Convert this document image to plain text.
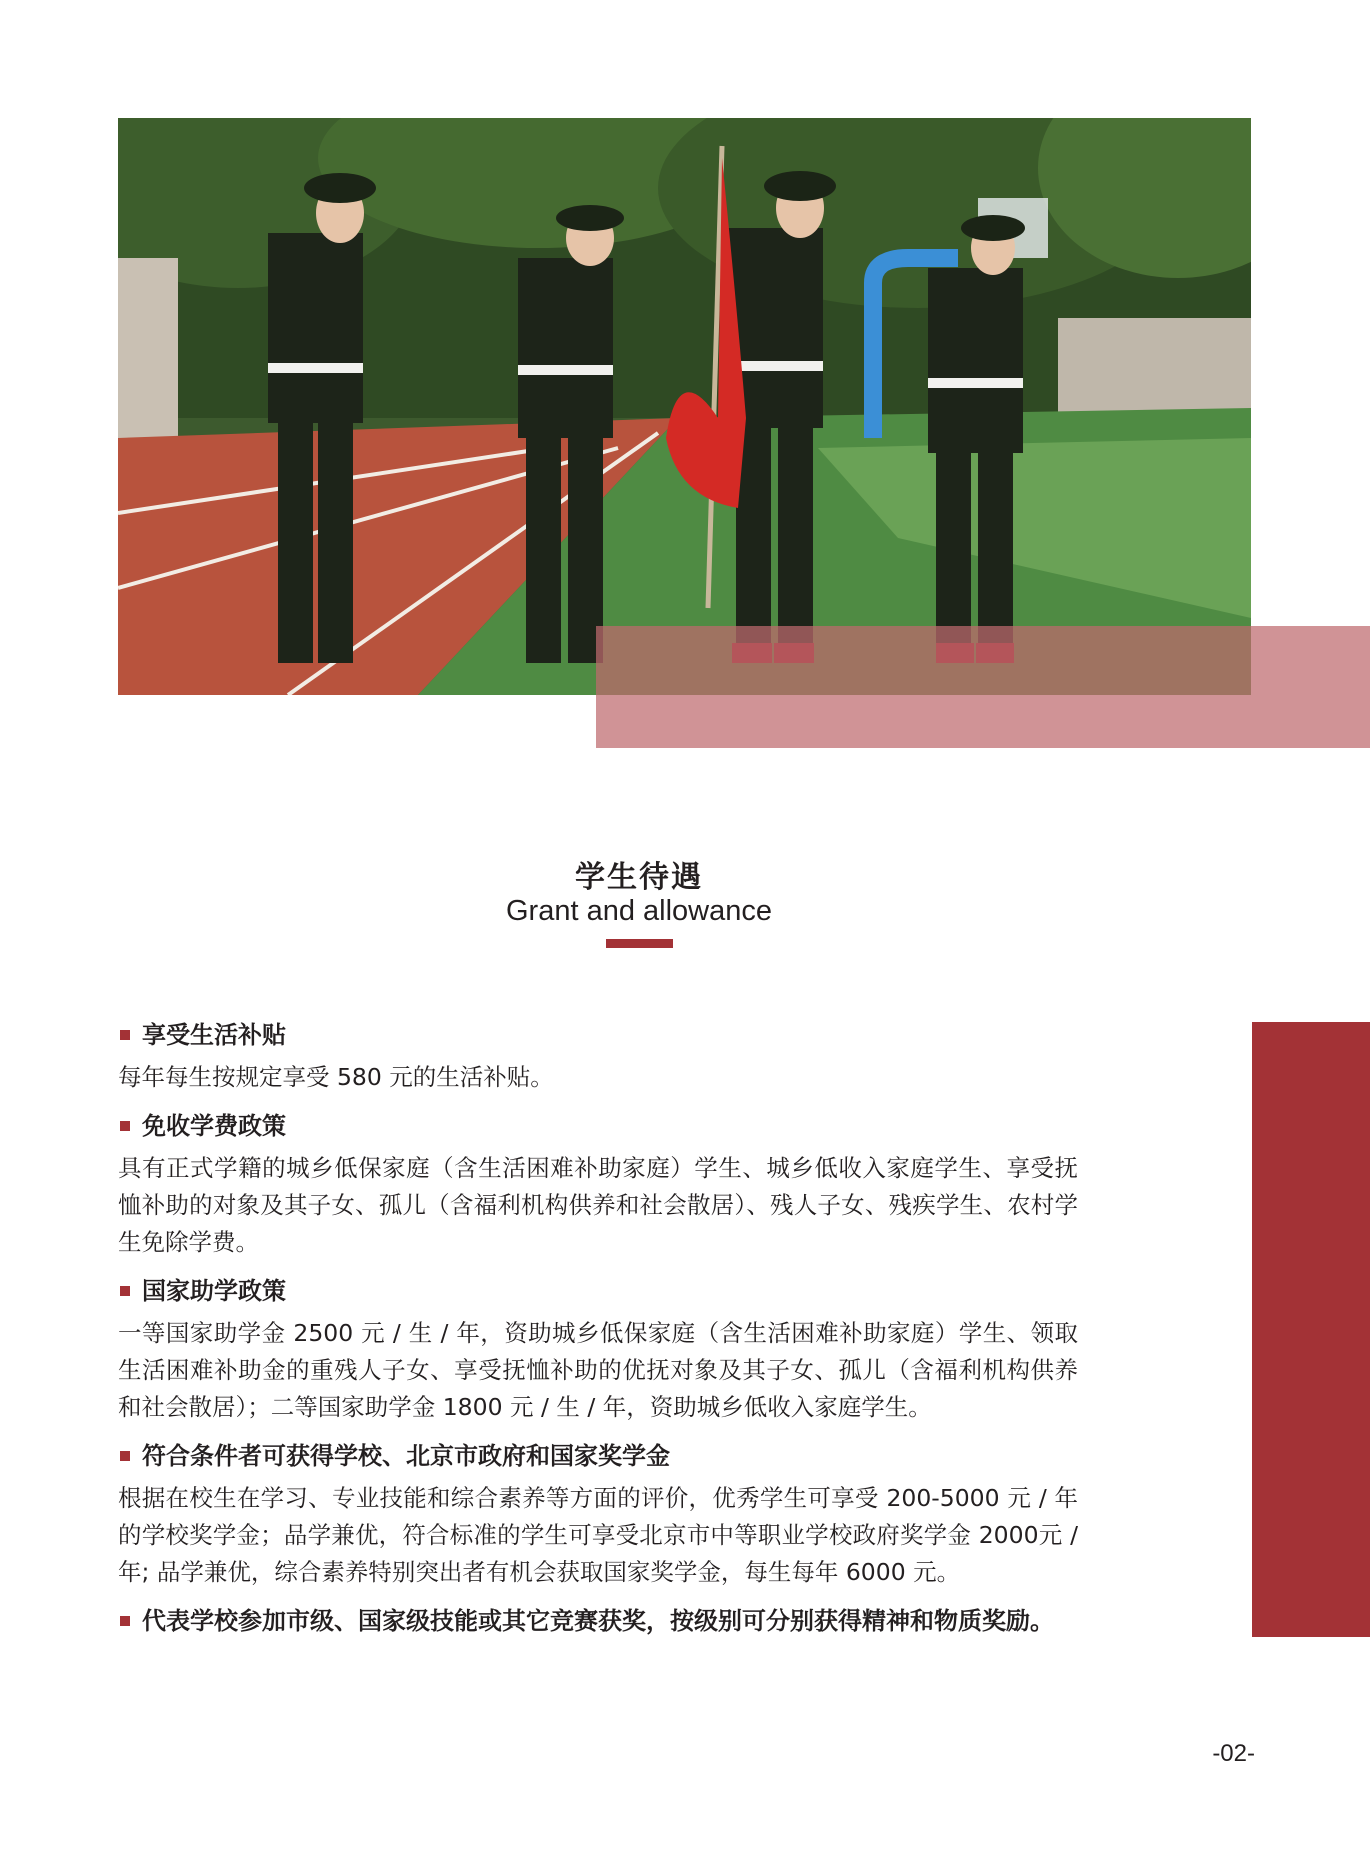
学生待遇
Grant and allowance
享受生活补贴

每年每生按规定享受 580 元的生活补贴。

免收学费政策

具有正式学籍的城乡低保家庭（含生活困难补助家庭）学生、城乡低收入家庭学生、享受抚恤补助的对象及其子女、孤儿（含福利机构供养和社会散居）、残人子女、残疾学生、农村学生免除学费。

国家助学政策

一等国家助学金 2500 元 / 生 / 年，资助城乡低保家庭（含生活困难补助家庭）学生、领取生活困难补助金的重残人子女、享受抚恤补助的优抚对象及其子女、孤儿（含福利机构供养和社会散居）；二等国家助学金 1800 元 / 生 / 年，资助城乡低收入家庭学生。

符合条件者可获得学校、北京市政府和国家奖学金

根据在校生在学习、专业技能和综合素养等方面的评价，优秀学生可享受 200-5000 元 / 年的学校奖学金；品学兼优，符合标准的学生可享受北京市中等职业学校政府奖学金 2000元 / 年; 品学兼优，综合素养特别突出者有机会获取国家奖学金，每生每年 6000 元。

代表学校参加市级、国家级技能或其它竞赛获奖，按级别可分别获得精神和物质奖励。
-02-
